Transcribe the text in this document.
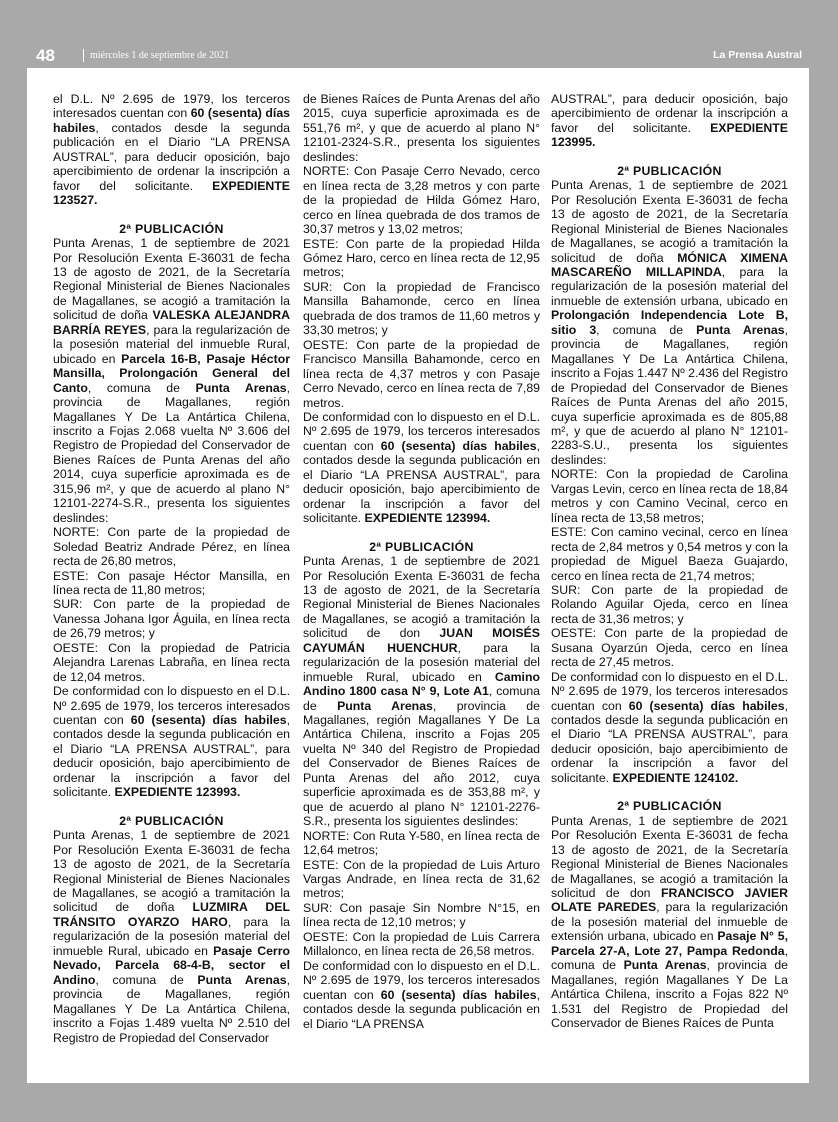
48	miércoles 1 de septiembre de 2021	La Prensa Austral

el D.L. Nº 2.695 de 1979, los terceros interesados cuentan con 60 (sesenta) días habiles, contados desde la segunda publicación en el Diario “LA PRENSA AUSTRAL”, para deducir oposición, bajo apercibimiento de ordenar la inscripción a favor del solicitante. EXPEDIENTE 123527.

2ª PUBLICACIÓN

Punta Arenas, 1 de septiembre de 2021 Por Resolución Exenta E-36031 de fecha 13 de agosto de 2021, de la Secretaría Regional Ministerial de Bienes Nacionales de Magallanes, se acogió a tramitación la solicitud de doña VALESKA ALEJANDRA BARRÍA REYES, para la regularización de la posesión material del inmueble Rural, ubicado en Parcela 16-B, Pasaje Héctor Mansilla, Prolongación General del Canto, comuna de Punta Arenas, provincia de Magallanes, región Magallanes Y De La Antártica Chilena, inscrito a Fojas 2.068 vuelta Nº 3.606 del Registro de Propiedad del Conservador de Bienes Raíces de Punta Arenas del año 2014, cuya superficie aproximada es de 315,96 m², y que de acuerdo al plano N° 12101-2274-S.R., presenta los siguientes deslindes:

NORTE: Con parte de la propiedad de Soledad Beatriz Andrade Pérez, en línea recta de 26,80 metros,

ESTE: Con pasaje Héctor Mansilla, en línea recta de 11,80 metros;

SUR: Con parte de la propiedad de Vanessa Johana Igor Águila, en línea recta de 26,79 metros; y

OESTE: Con la propiedad de Patricia Alejandra Larenas Labraña, en línea recta de 12,04 metros.

De conformidad con lo dispuesto en el D.L. Nº 2.695 de 1979, los terceros interesados cuentan con 60 (sesenta) días habiles, contados desde la segunda publicación en el Diario “LA PRENSA AUSTRAL”, para deducir oposición, bajo apercibimiento de ordenar la inscripción a favor del solicitante. EXPEDIENTE 123993.

2ª PUBLICACIÓN

Punta Arenas, 1 de septiembre de 2021 Por Resolución Exenta E-36031 de fecha 13 de agosto de 2021, de la Secretaría Regional Ministerial de Bienes Nacionales de Magallanes, se acogió a tramitación la solicitud de doña LUZMIRA DEL TRÁNSITO OYARZO HARO, para la regularización de la posesión material del inmueble Rural, ubicado en Pasaje Cerro Nevado, Parcela 68-4-B, sector el Andino, comuna de Punta Arenas, provincia de Magallanes, región Magallanes Y De La Antártica Chilena, inscrito a Fojas 1.489 vuelta Nº 2.510 del Registro de Propiedad del Conservador

de Bienes Raíces de Punta Arenas del año 2015, cuya superficie aproximada es de 551,76 m², y que de acuerdo al plano N° 12101-2324-S.R., presenta los siguientes deslindes:

NORTE: Con Pasaje Cerro Nevado, cerco en línea recta de 3,28 metros y con parte de la propiedad de Hilda Gómez Haro, cerco en línea quebrada de dos tramos de 30,37 metros y 13,02 metros;

ESTE: Con parte de la propiedad Hilda Gómez Haro, cerco en línea recta de 12,95 metros;

SUR: Con la propiedad de Francisco Mansilla Bahamonde, cerco en línea quebrada de dos tramos de 11,60 metros y 33,30 metros; y

OESTE: Con parte de la propiedad de Francisco Mansilla Bahamonde, cerco en línea recta de 4,37 metros y con Pasaje Cerro Nevado, cerco en línea recta de 7,89 metros.

De conformidad con lo dispuesto en el D.L. Nº 2.695 de 1979, los terceros interesados cuentan con 60 (sesenta) días habiles, contados desde la segunda publicación en el Diario “LA PRENSA AUSTRAL”, para deducir oposición, bajo apercibimiento de ordenar la inscripción a favor del solicitante. EXPEDIENTE 123994.

2ª PUBLICACIÓN

Punta Arenas, 1 de septiembre de 2021 Por Resolución Exenta E-36031 de fecha 13 de agosto de 2021, de la Secretaría Regional Ministerial de Bienes Nacionales de Magallanes, se acogió a tramitación la solicitud de don JUAN MOISÉS CAYUMÁN HUENCHUR, para la regularización de la posesión material del inmueble Rural, ubicado en Camino Andino 1800 casa N° 9, Lote A1, comuna de Punta Arenas, provincia de Magallanes, región Magallanes Y De La Antártica Chilena, inscrito a Fojas 205 vuelta Nº 340 del Registro de Propiedad del Conservador de Bienes Raíces de Punta Arenas del año 2012, cuya superficie aproximada es de 353,88 m², y que de acuerdo al plano N° 12101-2276-S.R., presenta los siguientes deslindes:

NORTE: Con Ruta Y-580, en línea recta de 12,64 metros;

ESTE: Con de la propiedad de Luis Arturo Vargas Andrade, en línea recta de 31,62 metros;

SUR: Con pasaje Sin Nombre N°15, en línea recta de 12,10 metros; y

OESTE: Con la propiedad de Luis Carrera Millalonco, en línea recta de 26,58 metros.

De conformidad con lo dispuesto en el D.L. Nº 2.695 de 1979, los terceros interesados cuentan con 60 (sesenta) días habiles, contados desde la segunda publicación en el Diario “LA PRENSA

AUSTRAL”, para deducir oposición, bajo apercibimiento de ordenar la inscripción a favor del solicitante. EXPEDIENTE 123995.

2ª PUBLICACIÓN

Punta Arenas, 1 de septiembre de 2021 Por Resolución Exenta E-36031 de fecha 13 de agosto de 2021, de la Secretaría Regional Ministerial de Bienes Nacionales de Magallanes, se acogió a tramitación la solicitud de doña MÓNICA XIMENA MASCAREÑO MILLAPINDA, para la regularización de la posesión material del inmueble de extensión urbana, ubicado en Prolongación Independencia Lote B, sitio 3, comuna de Punta Arenas, provincia de Magallanes, región Magallanes Y De La Antártica Chilena, inscrito a Fojas 1.447 Nº 2.436 del Registro de Propiedad del Conservador de Bienes Raíces de Punta Arenas del año 2015, cuya superficie aproximada es de 805,88 m², y que de acuerdo al plano N° 12101-2283-S.U., presenta los siguientes deslindes:

NORTE: Con la propiedad de Carolina Vargas Levin, cerco en línea recta de 18,84 metros y con Camino Vecinal, cerco en línea recta de 13,58 metros;

ESTE: Con camino vecinal, cerco en línea recta de 2,84 metros y 0,54 metros y con la propiedad de Miguel Baeza Guajardo, cerco en línea recta de 21,74 metros;

SUR: Con parte de la propiedad de Rolando Aguilar Ojeda, cerco en línea recta de 31,36 metros; y

OESTE: Con parte de la propiedad de Susana Oyarzún Ojeda, cerco en línea recta de 27,45 metros.

De conformidad con lo dispuesto en el D.L. Nº 2.695 de 1979, los terceros interesados cuentan con 60 (sesenta) días habiles, contados desde la segunda publicación en el Diario “LA PRENSA AUSTRAL”, para deducir oposición, bajo apercibimiento de ordenar la inscripción a favor del solicitante. EXPEDIENTE 124102.

2ª PUBLICACIÓN

Punta Arenas, 1 de septiembre de 2021 Por Resolución Exenta E-36031 de fecha 13 de agosto de 2021, de la Secretaría Regional Ministerial de Bienes Nacionales de Magallanes, se acogió a tramitación la solicitud de don FRANCISCO JAVIER OLATE PAREDES, para la regularización de la posesión material del inmueble de extensión urbana, ubicado en Pasaje N° 5, Parcela 27-A, Lote 27, Pampa Redonda, comuna de Punta Arenas, provincia de Magallanes, región Magallanes Y De La Antártica Chilena, inscrito a Fojas 822 Nº 1.531 del Registro de Propiedad del Conservador de Bienes Raíces de Punta
